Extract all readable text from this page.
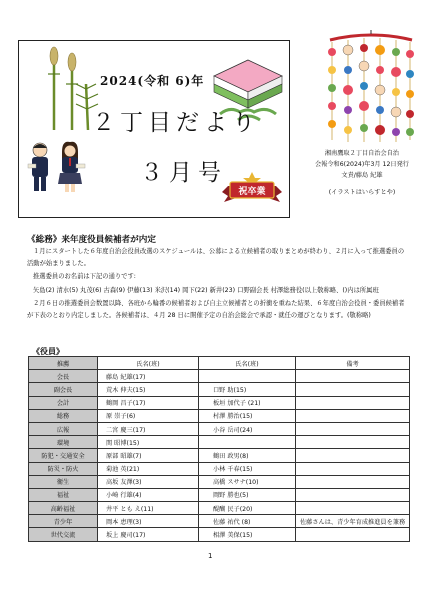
2024(令和 6)年
２丁目だより
３月号
祝卒業
湘南鷹取２丁目自治会自治
会報令和6(2024)年3月 12日発行
文責/藤島 紀雄
(イラストはいらすとや)
《総務》来年度役員候補者が内定

１月にスタートした６年度自治会役員改選のスケジュールは、公募による立候補者の取りまとめが終わり、２月に入って推選委員の活動が始まりました。

推選委員のお名前は下記の通りです:

矢島(2) 清水(5) 丸茂(6) 古森(9) 伊藤(13) 米沢(14) 岡下(22) 新井(23) 口野副会長 村澤総務役(以上敬称略、()内は所属班

２月６日の推選委員会数置以降、各班から輪番の候補者および自主立候補者との折衝を重ねた結果、６年度自治会役員・委員候補者が下表のとおり内定しました。各候補者は、４月 28 日に開催予定の自治会総会で承認・就任の運びとなります。(敬称略)

《役員》
推薦	氏名(班)	氏名(班)	備考
会長	藤島 紀雄(17)		
副会長	荒木 伸夫(15)	口野 助(15)	
会計	鶴岡 昌子(17)	板垣 加代子 (21)	
総務	原 崇子(6)	村澤 勝治(15)	
広報	二宮 慶三(17)	小谷 岳司(24)	
環境	関 昭博(15)		
防犯・交通安全	原部 昭雄(7)	鶴田 政男(8)	
防災・防火	菊池 英(21)	小林 千春(15)	
衛生	高坂 友澤(3)	高橋 スサナ(10)	
福祉	小崎 行雄(4)	岡野 勝也(5)	
高齢福祉	井平 とも え(11)	醍醐 民子(20)	
青少年	岡本 恵理(3)	佐藤 祐代 (8)	佐藤さんは、青少年育成推進員を兼務
世代交流	坂上 慶司(17)	相澤 美保(15)	
1
